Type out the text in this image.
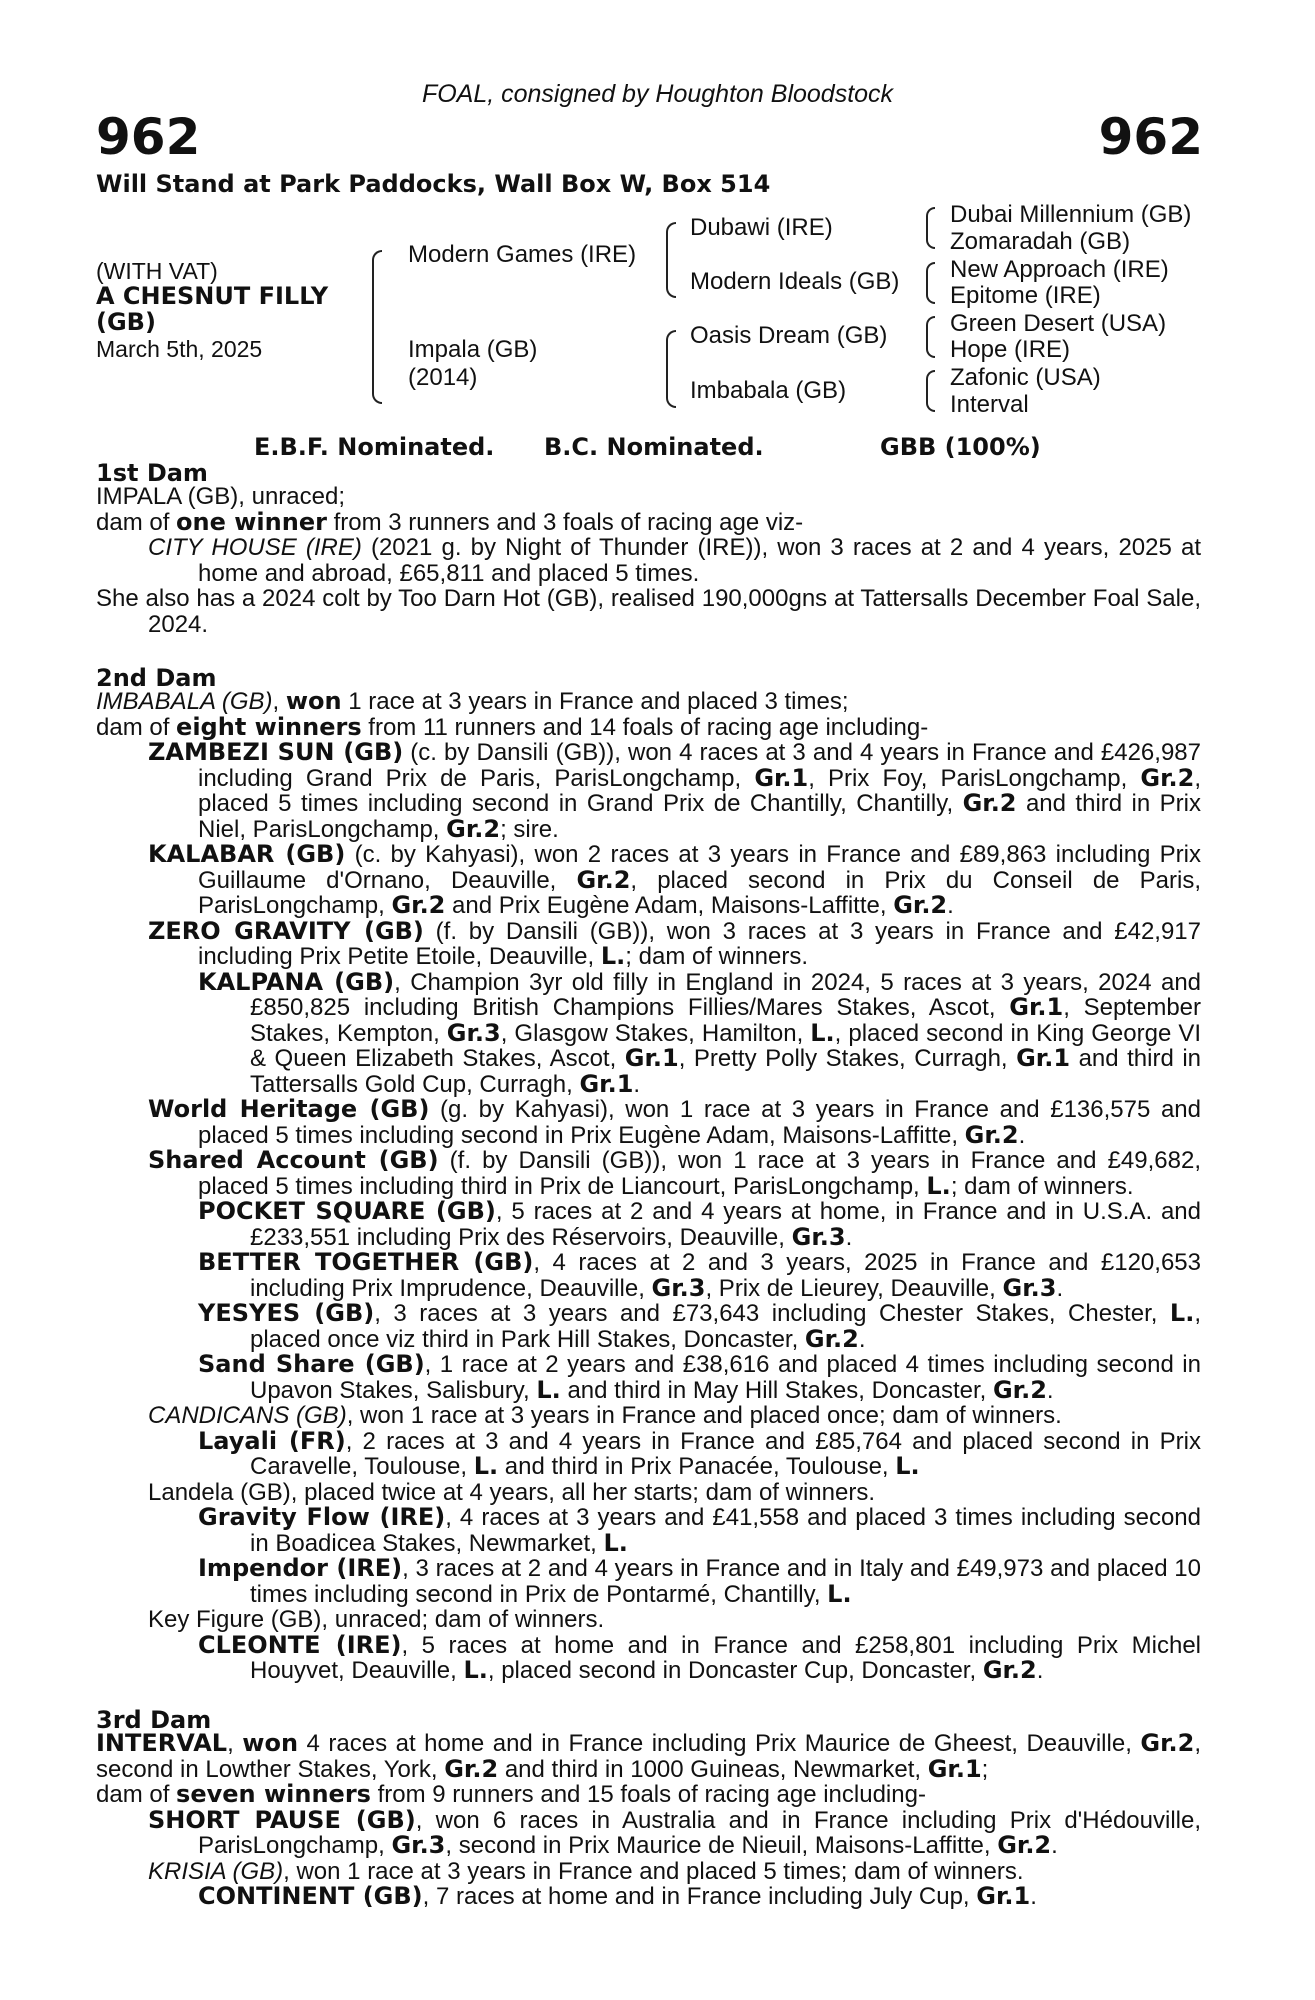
FOAL, consigned by Houghton Bloodstock
962	962
Will Stand at Park Paddocks, Wall Box W, Box 514
(WITH VAT)
A CHESNUT FILLY
(GB)
March 5th, 2025
Modern Games (IRE)
Impala (GB)
(2014)
Dubawi (IRE)
Modern Ideals (GB)
Oasis Dream (GB)
Imbabala (GB)
Dubai Millennium (GB)
Zomaradah (GB)
New Approach (IRE)
Epitome (IRE)
Green Desert (USA)
Hope (IRE)
Zafonic (USA)
Interval
E.B.F. Nominated. B.C. Nominated.	GBB (100%)
1st Dam

IMPALA (GB), unraced;

dam of one winner from 3 runners and 3 foals of racing age viz-

CITY HOUSE (IRE) (2021 g. by Night of Thunder (IRE)), won 3 races at 2 and 4 years, 2025 at home and abroad, £65,811 and placed 5 times.

She also has a 2024 colt by Too Darn Hot (GB), realised 190,000gns at Tattersalls December Foal Sale, 2024.

2nd Dam

IMBABALA (GB), won 1 race at 3 years in France and placed 3 times;

dam of eight winners from 11 runners and 14 foals of racing age including-

ZAMBEZI SUN (GB) (c. by Dansili (GB)), won 4 races at 3 and 4 years in France and £426,987 including Grand Prix de Paris, ParisLongchamp, Gr.1, Prix Foy, ParisLongchamp, Gr.2, placed 5 times including second in Grand Prix de Chantilly, Chantilly, Gr.2 and third in Prix Niel, ParisLongchamp, Gr.2; sire.

KALABAR (GB) (c. by Kahyasi), won 2 races at 3 years in France and £89,863 including Prix Guillaume d'Ornano, Deauville, Gr.2, placed second in Prix du Conseil de Paris, ParisLongchamp, Gr.2 and Prix Eugène Adam, Maisons-Laffitte, Gr.2.

ZERO GRAVITY (GB) (f. by Dansili (GB)), won 3 races at 3 years in France and £42,917 including Prix Petite Etoile, Deauville, L.; dam of winners.

KALPANA (GB), Champion 3yr old filly in England in 2024, 5 races at 3 years, 2024 and £850,825 including British Champions Fillies/Mares Stakes, Ascot, Gr.1, September Stakes, Kempton, Gr.3, Glasgow Stakes, Hamilton, L., placed second in King George VI & Queen Elizabeth Stakes, Ascot, Gr.1, Pretty Polly Stakes, Curragh, Gr.1 and third in Tattersalls Gold Cup, Curragh, Gr.1.

World Heritage (GB) (g. by Kahyasi), won 1 race at 3 years in France and £136,575 and placed 5 times including second in Prix Eugène Adam, Maisons-Laffitte, Gr.2.

Shared Account (GB) (f. by Dansili (GB)), won 1 race at 3 years in France and £49,682, placed 5 times including third in Prix de Liancourt, ParisLongchamp, L.; dam of winners.

POCKET SQUARE (GB), 5 races at 2 and 4 years at home, in France and in U.S.A. and £233,551 including Prix des Réservoirs, Deauville, Gr.3.

BETTER TOGETHER (GB), 4 races at 2 and 3 years, 2025 in France and £120,653 including Prix Imprudence, Deauville, Gr.3, Prix de Lieurey, Deauville, Gr.3.

YESYES (GB), 3 races at 3 years and £73,643 including Chester Stakes, Chester, L., placed once viz third in Park Hill Stakes, Doncaster, Gr.2.

Sand Share (GB), 1 race at 2 years and £38,616 and placed 4 times including second in Upavon Stakes, Salisbury, L. and third in May Hill Stakes, Doncaster, Gr.2.

CANDICANS (GB), won 1 race at 3 years in France and placed once; dam of winners.

Layali (FR), 2 races at 3 and 4 years in France and £85,764 and placed second in Prix Caravelle, Toulouse, L. and third in Prix Panacée, Toulouse, L.

Landela (GB), placed twice at 4 years, all her starts; dam of winners.

Gravity Flow (IRE), 4 races at 3 years and £41,558 and placed 3 times including second in Boadicea Stakes, Newmarket, L.

Impendor (IRE), 3 races at 2 and 4 years in France and in Italy and £49,973 and placed 10 times including second in Prix de Pontarmé, Chantilly, L.

Key Figure (GB), unraced; dam of winners.

CLEONTE (IRE), 5 races at home and in France and £258,801 including Prix Michel Houyvet, Deauville, L., placed second in Doncaster Cup, Doncaster, Gr.2.

3rd Dam

INTERVAL, won 4 races at home and in France including Prix Maurice de Gheest, Deauville, Gr.2, second in Lowther Stakes, York, Gr.2 and third in 1000 Guineas, Newmarket, Gr.1;

dam of seven winners from 9 runners and 15 foals of racing age including-

SHORT PAUSE (GB), won 6 races in Australia and in France including Prix d'Hédouville, ParisLongchamp, Gr.3, second in Prix Maurice de Nieuil, Maisons-Laffitte, Gr.2.

KRISIA (GB), won 1 race at 3 years in France and placed 5 times; dam of winners.

CONTINENT (GB), 7 races at home and in France including July Cup, Gr.1.
